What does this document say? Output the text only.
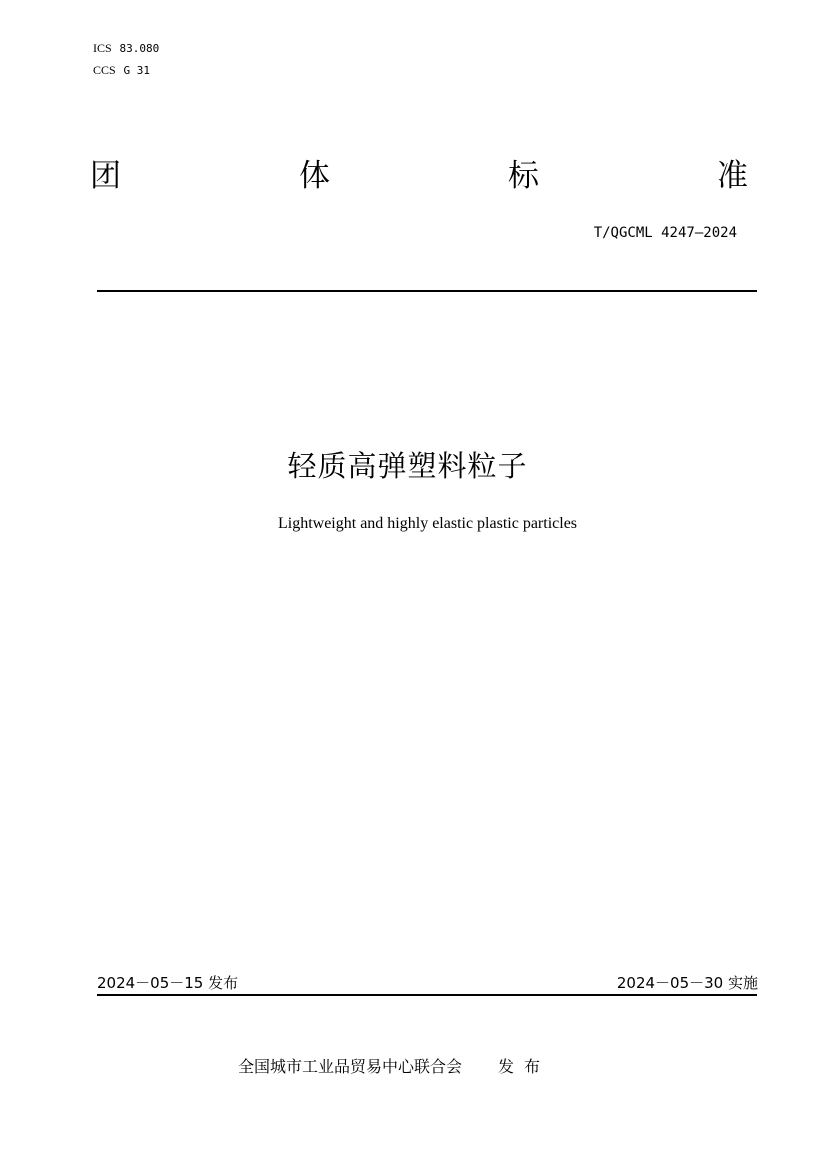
ICS 83.080
CCS G 31
团	体	标	准
T/QGCML 4247—2024
轻质高弹塑料粒子
Lightweight and highly elastic plastic particles
2024－05－15 发布	2024－05－30 实施
全国城市工业品贸易中心联合会 发布
